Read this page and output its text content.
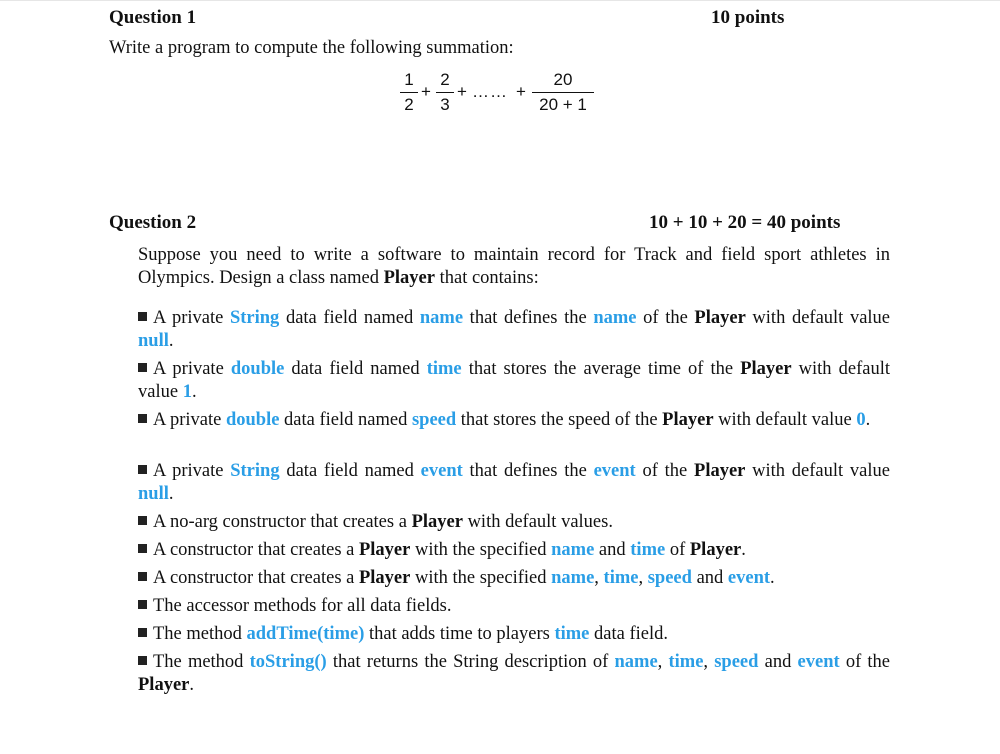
Question 1	10 points
Write a program to compute the following summation:
1
2
+
2
3
+ …… +
20
20 + 1
Question 2	10 + 10 + 20 = 40 points
Suppose you need to write a software to maintain record for Track and field sport athletes in Olympics. Design a class named Player that contains:
A private String data field named name that defines the name of the Player with default value null.
A private double data field named time that stores the average time of the Player with default value 1.
A private double data field named speed that stores the speed of the Player with default value 0.
A private String data field named event that defines the event of the Player with default value null.
A no-arg constructor that creates a Player with default values.
A constructor that creates a Player with the specified name and time of Player.
A constructor that creates a Player with the specified name, time, speed and event.
The accessor methods for all data fields.
The method addTime(time) that adds time to players time data field.
The method toString() that returns the String description of name, time, speed and event of the Player.
